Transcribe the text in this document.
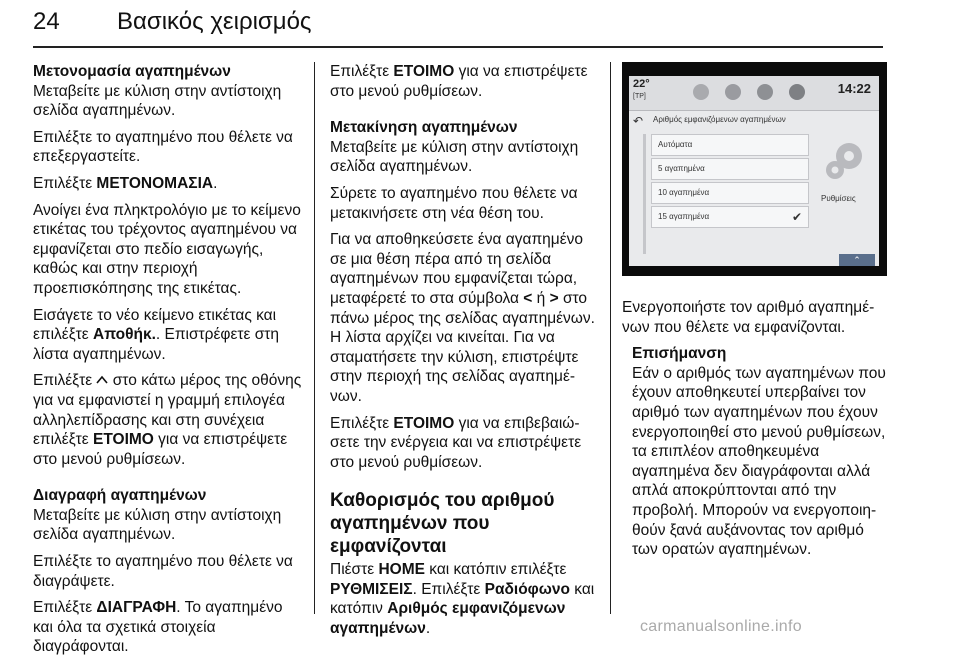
24 Βασικός χειρισμός
Μετονομασία αγαπημένων

Μεταβείτε με κύλιση στην αντίστοιχη σελίδα αγαπημένων.

Επιλέξτε το αγαπημένο που θέλετε να επεξεργαστείτε.

Επιλέξτε ΜΕΤΟΝΟΜΑΣΙΑ.

Ανοίγει ένα πληκτρολόγιο με το κείμενο ετικέτας του τρέχοντος αγαπημένου να εμφανίζεται στο πεδίο εισαγωγής, καθώς και στην περιοχή προεπισκόπησης της ετικέτας.

Εισάγετε το νέο κείμενο ετικέτας και επιλέξτε Αποθήκ.. Επιστρέφετε στη λίστα αγαπημένων.

Επιλέξτε  στο κάτω μέρος της οθόνης για να εμφανιστεί η γραμμή επιλογέα αλληλεπίδρασης και στη συνέχεια επιλέξτε ΕΤΟΙΜΟ για να επιστρέψετε στο μενού ρυθμίσεων.

Διαγραφή αγαπημένων

Μεταβείτε με κύλιση στην αντίστοιχη σελίδα αγαπημένων.

Επιλέξτε το αγαπημένο που θέλετε να διαγράψετε.

Επιλέξτε ΔΙΑΓΡΑΦΗ. Το αγαπημένο και όλα τα σχετικά στοιχεία διαγράφονται.

Επιλέξτε ΕΤΟΙΜΟ για να επιστρέψετε στο μενού ρυθμίσεων.

Μετακίνηση αγαπημένων

Μεταβείτε με κύλιση στην αντίστοιχη σελίδα αγαπημένων.

Σύρετε το αγαπημένο που θέλετε να μετακινήσετε στη νέα θέση του.

Για να αποθηκεύσετε ένα αγαπημένο σε μια θέση πέρα από τη σελίδα αγαπημένων που εμφανίζεται τώρα, μεταφέρετέ το στα σύμβολα < ή > στο πάνω μέρος της σελίδας αγαπημένων. Η λίστα αρχίζει να κινείται. Για να σταματήσετε την κύλιση, επιστρέψτε στην περιοχή της σελίδας αγαπημένων.

Επιλέξτε ΕΤΟΙΜΟ για να επιβεβαιώσετε την ενέργεια και να επιστρέψετε στο μενού ρυθμίσεων.

Καθορισμός του αριθμού αγαπημένων που εμφανίζονται

Πιέστε HOME και κατόπιν επιλέξτε ΡΥΘΜΙΣΕΙΣ. Επιλέξτε Ραδιόφωνο και κατόπιν Αριθμός εμφανιζόμενων αγαπημένων.

22°
[TP]
14:22
↶ Αριθμός εμφανιζόμενων αγαπημένων
Αυτόματα
5 αγαπημένα
10 αγαπημένα
15 αγαπημένα	✔
Ρυθμίσεις
⌃

Ενεργοποιήστε τον αριθμό αγαπημένων που θέλετε να εμφανίζονται.

Επισήμανση

Εάν ο αριθμός των αγαπημένων που έχουν αποθηκευτεί υπερβαίνει τον αριθμό των αγαπημένων που έχουν ενεργοποιηθεί στο μενού ρυθμίσεων, τα επιπλέον αποθηκευμένα αγαπημένα δεν διαγράφονται αλλά απλά αποκρύπτονται από την προβολή. Μπορούν να ενεργοποιηθούν ξανά αυξάνοντας τον αριθμό των ορατών αγαπημένων.

carmanualsonline.info
